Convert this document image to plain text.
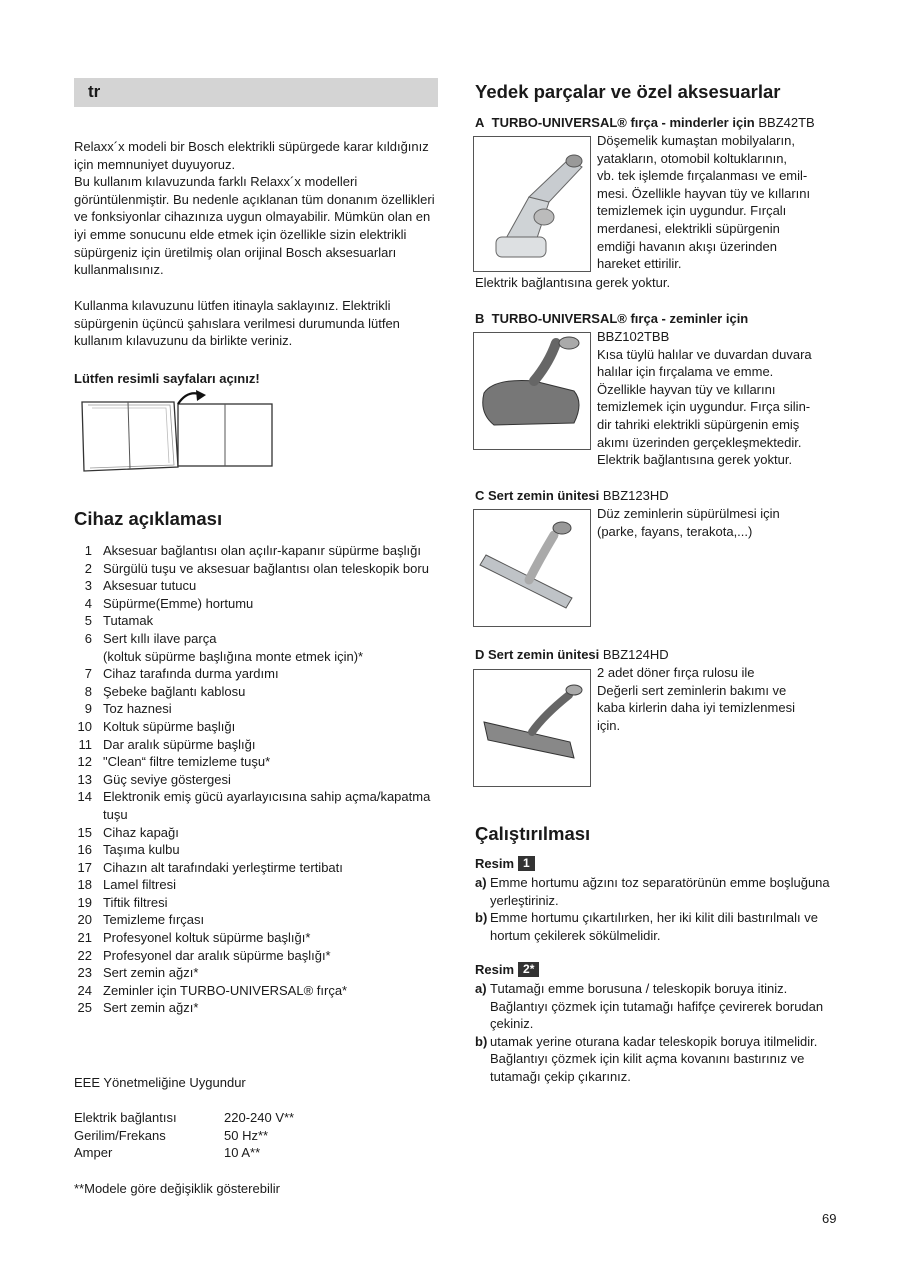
tr
Relaxx´x modeli bir Bosch elektrikli süpürgede karar kıldığınız için memnuniyet duyuyoruz.
Bu kullanım kılavuzunda farklı Relaxx´x modelleri görüntülenmiştir. Bu nedenle açıklanan tüm donanım özellikleri ve fonksiyonlar cihazınıza uygun olmayabilir. Mümkün olan en iyi emme sonucunu elde etmek için özellikle sizin elektrikli süpürgeniz için üretilmiş olan orijinal Bosch aksesuarları kullanmalısınız.
Kullanma kılavuzunu lütfen itinayla saklayınız. Elektrikli süpürgenin üçüncü şahıslara verilmesi durumunda lütfen kullanım kılavuzunu da birlikte veriniz.
Lütfen resimli sayfaları açınız!
Cihaz açıklaması
1 Aksesuar bağlantısı olan açılır-kapanır süpürme başlığı
2 Sürgülü tuşu ve aksesuar bağlantısı olan teleskopik boru
3 Aksesuar tutucu
4 Süpürme(Emme) hortumu
5 Tutamak
6 Sert kıllı ilave parça
(koltuk süpürme başlığına monte etmek için)*
7 Cihaz tarafında durma yardımı
8 Şebeke bağlantı kablosu
9 Toz haznesi
10 Koltuk süpürme başlığı
11 Dar aralık süpürme başlığı
12 "Clean“ filtre temizleme tuşu*
13 Güç seviye göstergesi
14 Elektronik emiş gücü ayarlayıcısına sahip açma/kapatma tuşu
15 Cihaz kapağı
16 Taşıma kulbu
17 Cihazın alt tarafındaki yerleştirme tertibatı
18 Lamel filtresi
19 Tiftik filtresi
20 Temizleme fırçası
21 Profesyonel koltuk süpürme başlığı*
22 Profesyonel dar aralık süpürme başlığı*
23 Sert zemin ağzı*
24 Zeminler için TURBO-UNIVERSAL® fırça*
25 Sert zemin ağzı*
EEE Yönetmeliğine Uygundur
Elektrik bağlantısı	220-240 V**
Gerilim/Frekans	50 Hz**
Amper	10 A**
**Modele göre değişiklik gösterebilir
Yedek parçalar ve özel aksesuarlar
A TURBO-UNIVERSAL® fırça - minderler için BBZ42TB
Döşemelik kumaştan mobilyaların,
yatakların, otomobil koltuklarının,
vb. tek işlemde fırçalanması ve emil-
mesi. Özellikle hayvan tüy ve kıllarını
temizlemek için uygundur. Fırçalı
merdanesi, elektrikli süpürgenin
emdiği havanın akışı üzerinden
hareket ettirilir.
Elektrik bağlantısına gerek yoktur.
B TURBO-UNIVERSAL® fırça - zeminler için
BBZ102TBB
Kısa tüylü halılar ve duvardan duvara
halılar için fırçalama ve emme.
Özellikle hayvan tüy ve kıllarını
temizlemek için uygundur. Fırça silin-
dir tahriki elektrikli süpürgenin emiş
akımı üzerinden gerçekleşmektedir.
Elektrik bağlantısına gerek yoktur.
C Sert zemin ünitesi BBZ123HD
Düz zeminlerin süpürülmesi için
(parke, fayans, terakota,...)
D Sert zemin ünitesi BBZ124HD
2 adet döner fırça rulosu ile
Değerli sert zeminlerin bakımı ve
kaba kirlerin daha iyi temizlenmesi
için.
Çalıştırılması
Resim 1
a) Emme hortumu ağzını toz separatörünün emme boşluğuna yerleştiriniz.
b) Emme hortumu çıkartılırken, her iki kilit dili bastırılmalı ve hortum çekilerek sökülmelidir.
Resim 2*
a) Tutamağı emme borusuna / teleskopik boruya itiniz. Bağlantıyı çözmek için tutamağı hafifçe çevirerek borudan çekiniz.
b) utamak yerine oturana kadar teleskopik boruya itilmelidir. Bağlantıyı çözmek için kilit açma kovanını bastırınız ve tutamağı çekip çıkarınız.
69
